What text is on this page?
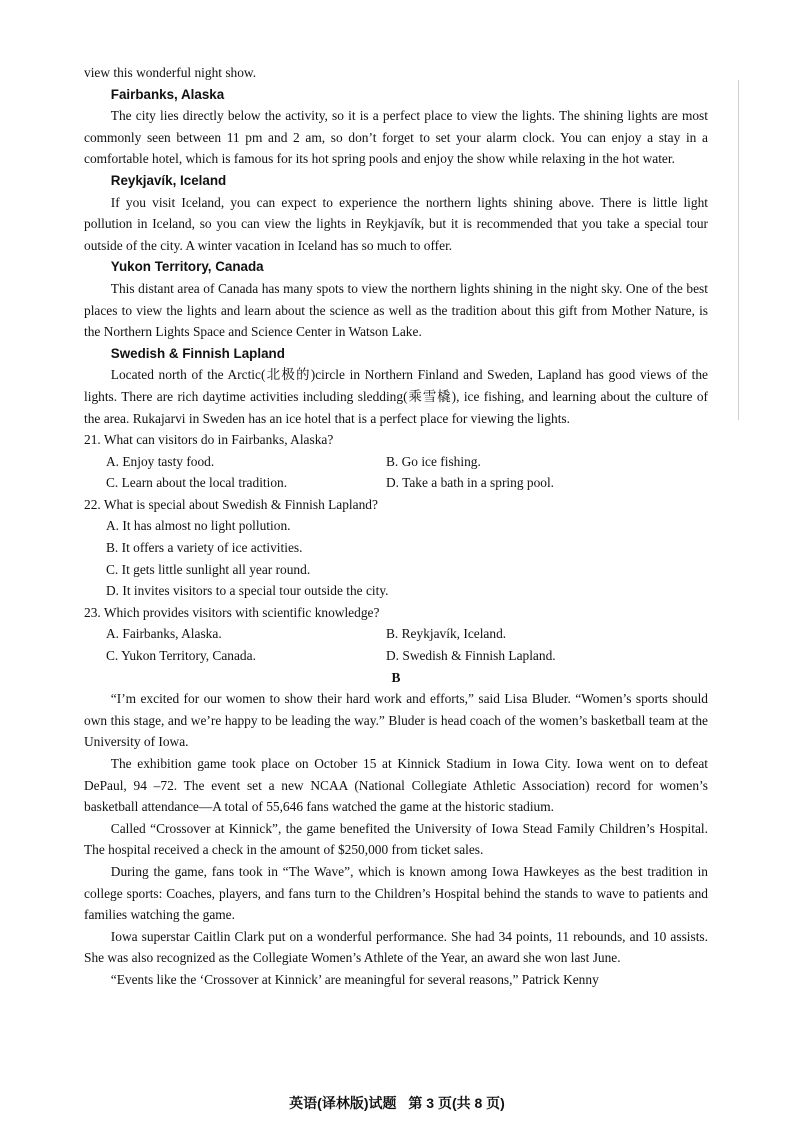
view this wonderful night show.

Fairbanks, Alaska

The city lies directly below the activity, so it is a perfect place to view the lights. The shining lights are most commonly seen between 11 pm and 2 am, so don’t forget to set your alarm clock. You can enjoy a stay in a comfortable hotel, which is famous for its hot spring pools and enjoy the show while relaxing in the hot water.

Reykjavík, Iceland

If you visit Iceland, you can expect to experience the northern lights shining above. There is little light pollution in Iceland, so you can view the lights in Reykjavík, but it is recommended that you take a special tour outside of the city. A winter vacation in Iceland has so much to offer.

Yukon Territory, Canada

This distant area of Canada has many spots to view the northern lights shining in the night sky. One of the best places to view the lights and learn about the science as well as the tradition about this gift from Mother Nature, is the Northern Lights Space and Science Center in Watson Lake.

Swedish & Finnish Lapland

Located north of the Arctic(北极的)circle in Northern Finland and Sweden, Lapland has good views of the lights. There are rich daytime activities including sledding(乘雪橇), ice fishing, and learning about the culture of the area. Rukajarvi in Sweden has an ice hotel that is a perfect place for viewing the lights.

21. What can visitors do in Fairbanks, Alaska?

A. Enjoy tasty food.	B. Go ice fishing.
C. Learn about the local tradition.	D. Take a bath in a spring pool.

22. What is special about Swedish & Finnish Lapland?

A. It has almost no light pollution.

B. It offers a variety of ice activities.

C. It gets little sunlight all year round.

D. It invites visitors to a special tour outside the city.

23. Which provides visitors with scientific knowledge?

A. Fairbanks, Alaska.	B. Reykjavík, Iceland.
C. Yukon Territory, Canada.	D. Swedish & Finnish Lapland.

B

“I’m excited for our women to show their hard work and efforts,” said Lisa Bluder. “Women’s sports should own this stage, and we’re happy to be leading the way.” Bluder is head coach of the women’s basketball team at the University of Iowa.

The exhibition game took place on October 15 at Kinnick Stadium in Iowa City. Iowa went on to defeat DePaul, 94 –72. The event set a new NCAA (National Collegiate Athletic Association) record for women’s basketball attendance—A total of 55,646 fans watched the game at the historic stadium.

Called “Crossover at Kinnick”, the game benefited the University of Iowa Stead Family Children’s Hospital. The hospital received a check in the amount of $250,000 from ticket sales.

During the game, fans took in “The Wave”, which is known among Iowa Hawkeyes as the best tradition in college sports: Coaches, players, and fans turn to the Children’s Hospital behind the stands to wave to patients and families watching the game.

Iowa superstar Caitlin Clark put on a wonderful performance. She had 34 points, 11 rebounds, and 10 assists. She was also recognized as the Collegiate Women’s Athlete of the Year, an award she won last June.

“Events like the ‘Crossover at Kinnick’ are meaningful for several reasons,” Patrick Kenny

英语(译林版)试题 第 3 页(共 8 页)
